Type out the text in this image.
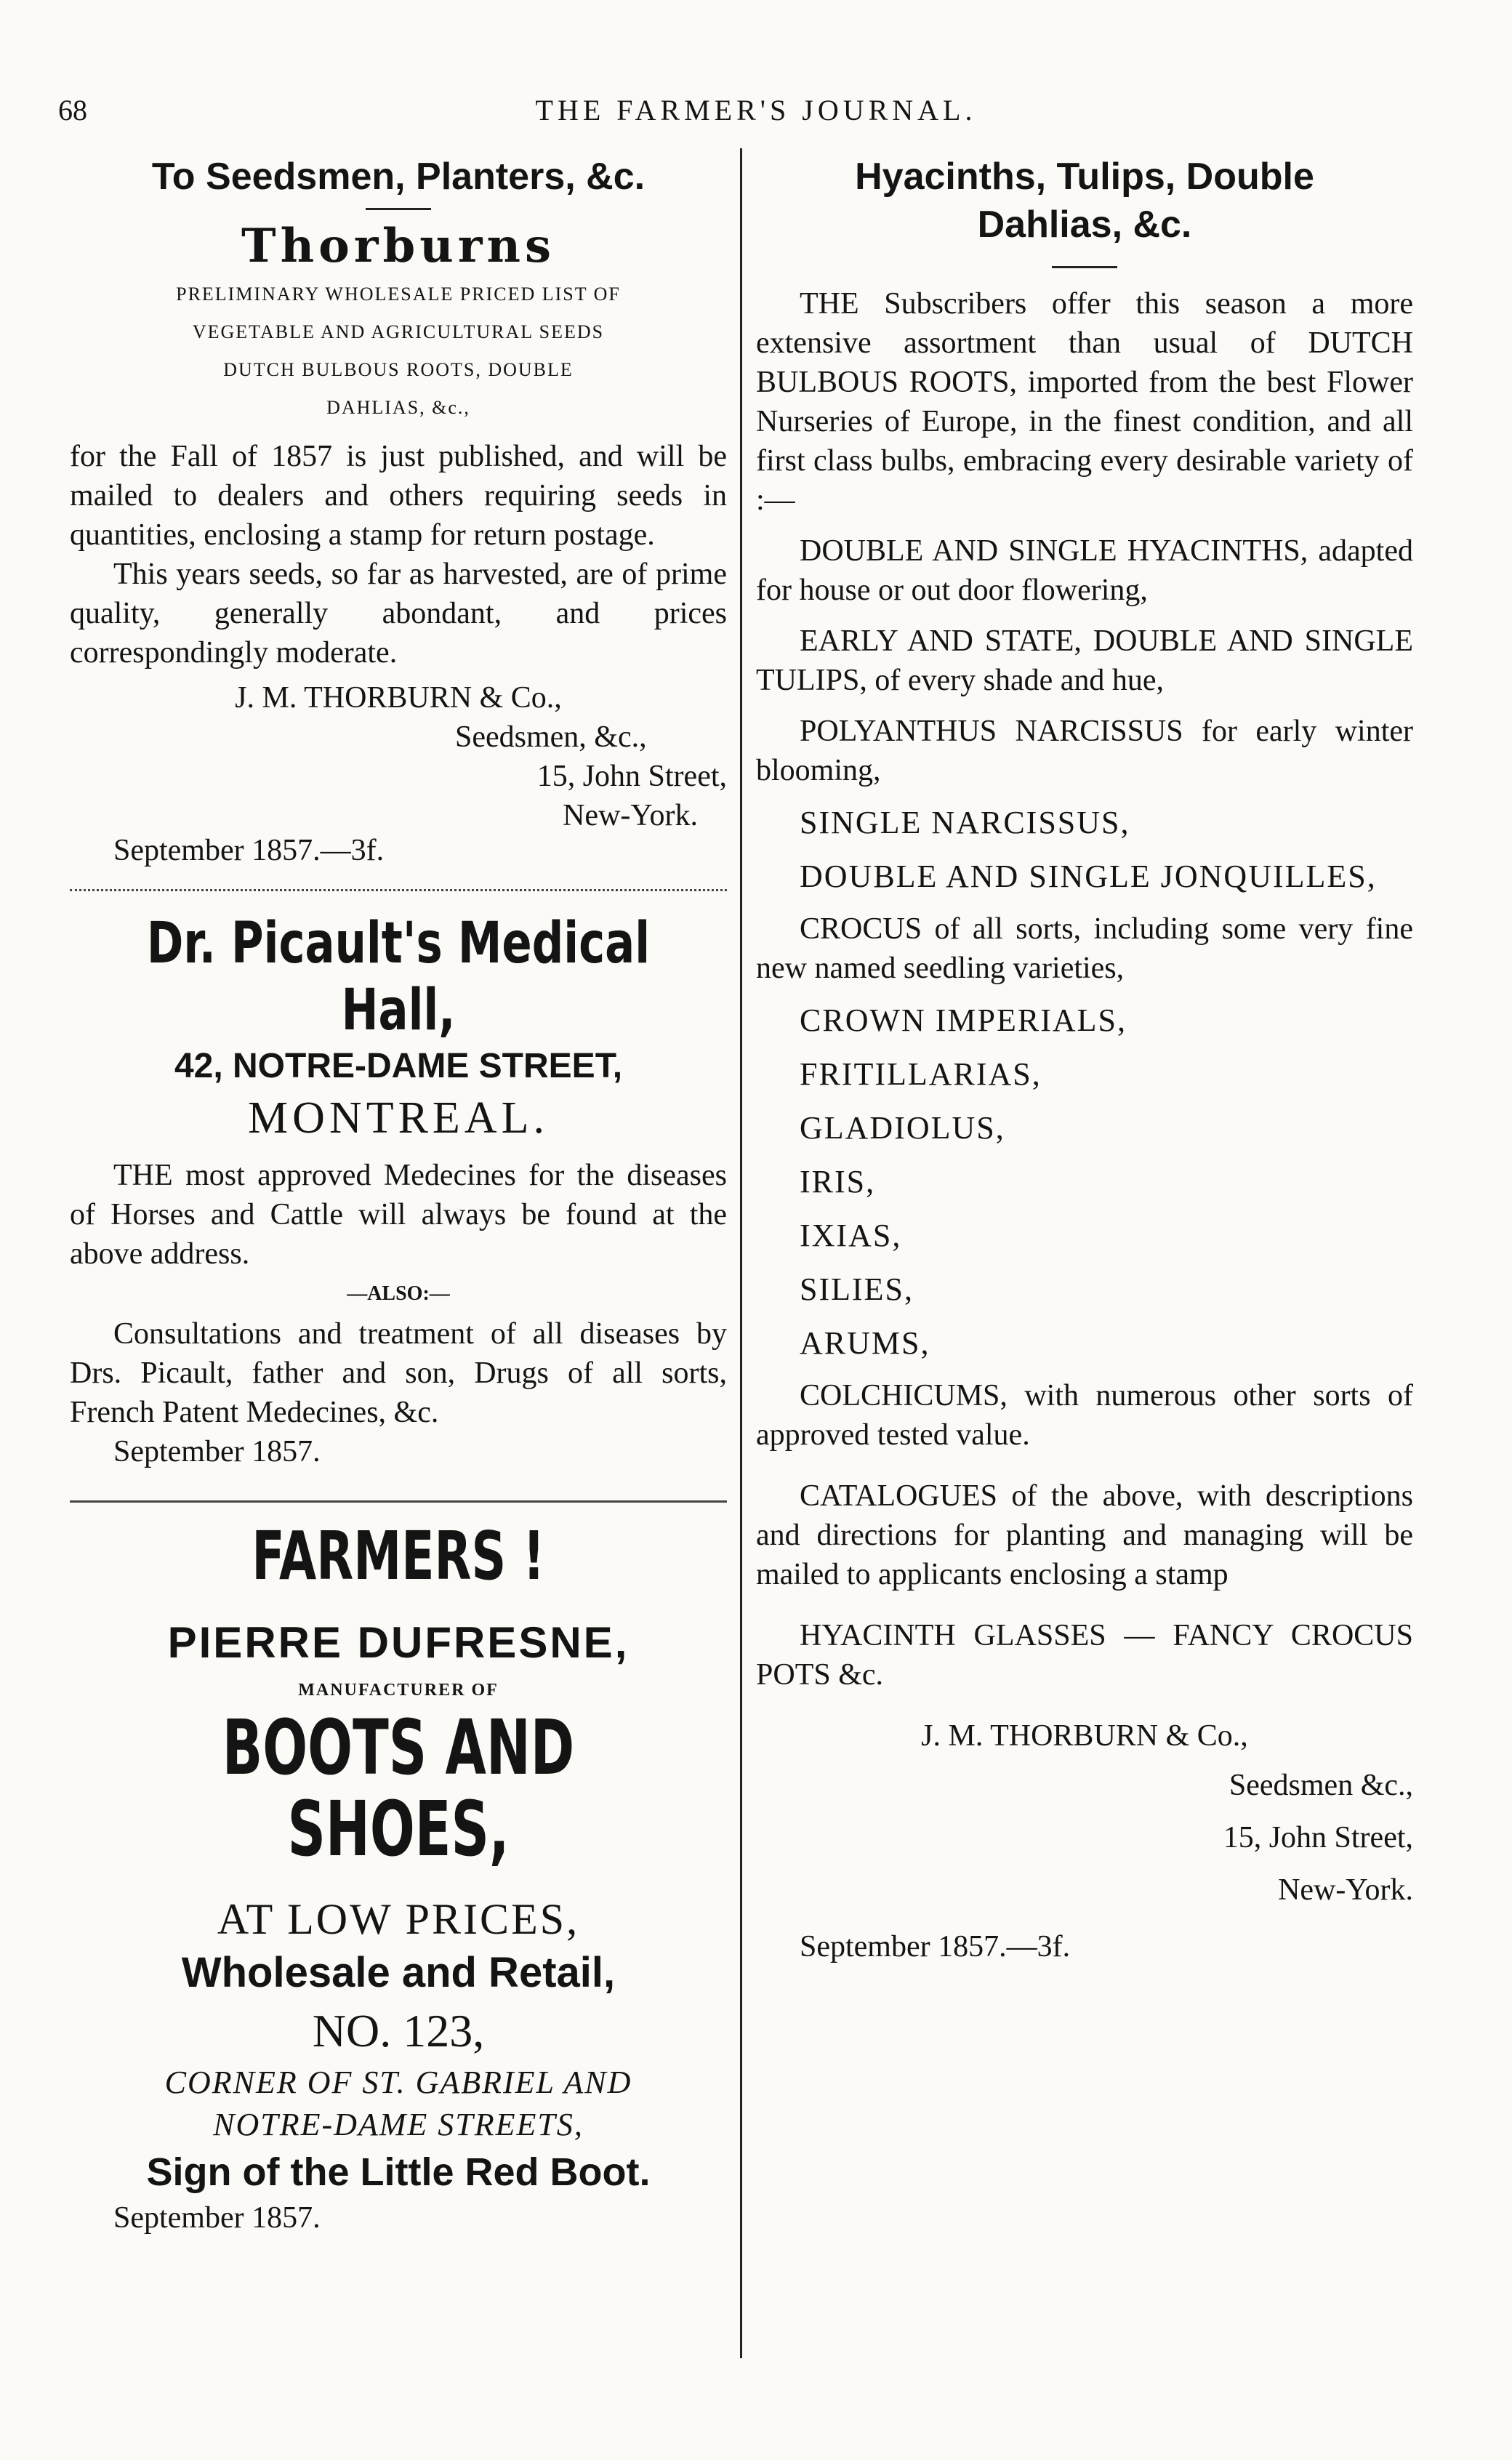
68	THE FARMER'S JOURNAL.
To Seedsmen, Planters, &c.
Thorburns
PRELIMINARY WHOLESALE PRICED LIST OF
VEGETABLE AND AGRICULTURAL SEEDS
DUTCH BULBOUS ROOTS, DOUBLE
DAHLIAS, &c.,

for the Fall of 1857 is just published, and will be mailed to dealers and others requiring seeds in quantities, enclosing a stamp for return postage.

This years seeds, so far as harvested, are of prime quality, generally abondant, and prices correspondingly moderate.

J. M. THORBURN & Co.,
Seedsmen, &c.,
15, John Street,
New-York.
September 1857.—3f.
Dr. Picault's Medical Hall,
42, NOTRE-DAME STREET,
MONTREAL.

THE most approved Medecines for the diseases of Horses and Cattle will always be found at the above address.

—ALSO:—

Consultations and treatment of all diseases by Drs. Picault, father and son, Drugs of all sorts, French Patent Medecines, &c.

September 1857.
FARMERS !
PIERRE DUFRESNE,
MANUFACTURER OF
BOOTS AND SHOES,
AT LOW PRICES,
Wholesale and Retail,
NO. 123,
CORNER OF ST. GABRIEL AND
NOTRE-DAME STREETS,
Sign of the Little Red Boot.
September 1857.
Hyacinths, Tulips, Double
Dahlias, &c.

THE Subscribers offer this season a more extensive assortment than usual of DUTCH BULBOUS ROOTS, imported from the best Flower Nurseries of Europe, in the finest condition, and all first class bulbs, embracing every desirable variety of :—

DOUBLE AND SINGLE HYACINTHS, adapted for house or out door flowering,

EARLY AND STATE, DOUBLE AND SINGLE TULIPS, of every shade and hue,

POLYANTHUS NARCISSUS for early winter blooming,

SINGLE NARCISSUS,

DOUBLE AND SINGLE JONQUILLES,

CROCUS of all sorts, including some very fine new named seedling varieties,

CROWN IMPERIALS,

FRITILLARIAS,

GLADIOLUS,

IRIS,

IXIAS,

SILIES,

ARUMS,

COLCHICUMS, with numerous other sorts of approved tested value.

CATALOGUES of the above, with descriptions and directions for planting and managing will be mailed to applicants enclosing a stamp

HYACINTH GLASSES — FANCY CROCUS POTS &c.

J. M. THORBURN & Co.,
Seedsmen &c.,
15, John Street,
New-York.
September 1857.—3f.
